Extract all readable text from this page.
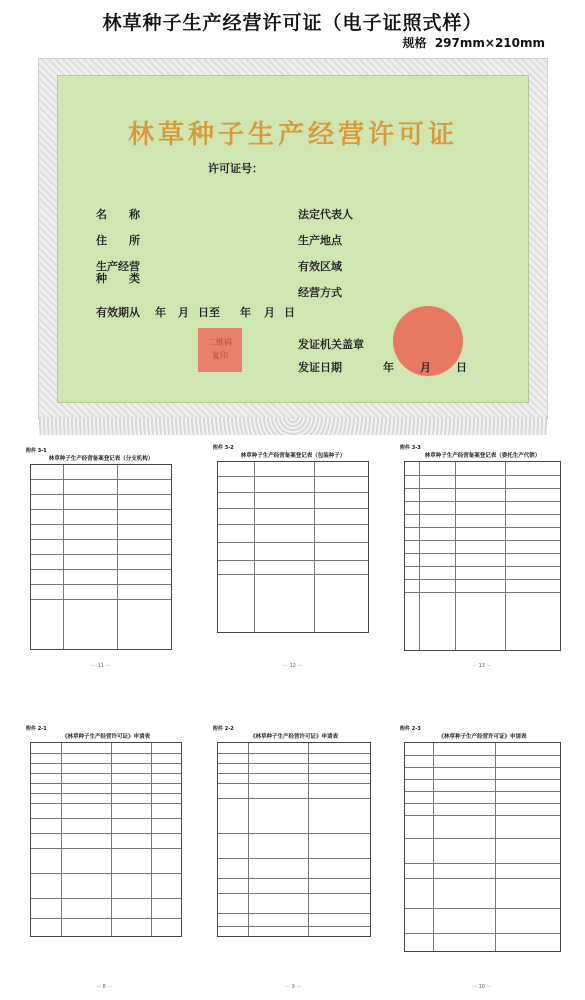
林草种子生产经营许可证（电子证照式样）
规格 297mm×210mm
林草种子生产经营许可证
许可证号：
名　　称
住　　所
生产经营
种　　类
有效期从 年 月 日至 年 月 日
法定代表人
生产地点
有效区域
经营方式
二维码
复印
发证机关盖章
发证日期	年 月 日
附件 3-1
林草种子生产经营备案登记表（分支机构）
－ 11 －
附件 3-2
林草种子生产经营备案登记表（包装种子）
－ 12 －
附件 3-3
林草种子生产经营备案登记表（委托生产代销）
－ 13 －
附件 2-1
《林草种子生产经营许可证》申请表
－ 8 －
附件 2-2
《林草种子生产经营许可证》申请表
－ 9 －
附件 2-3
《林草种子生产经营许可证》申请表
－ 10 －
